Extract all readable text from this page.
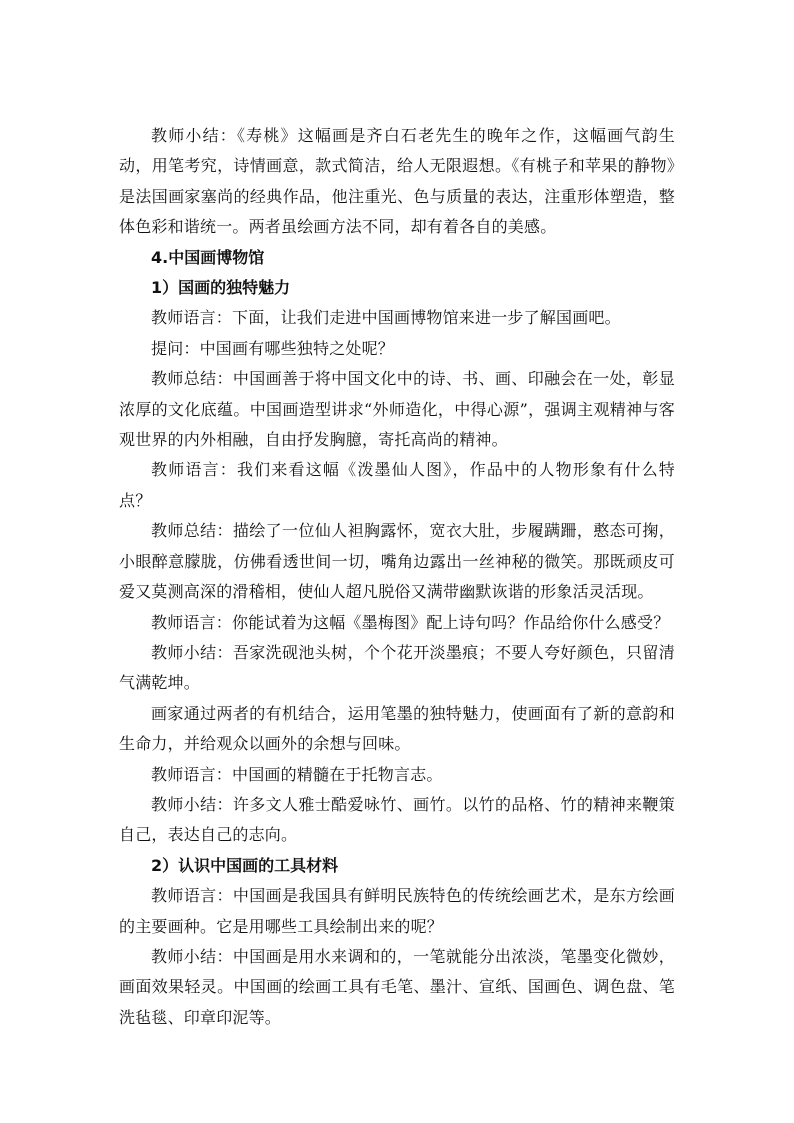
教师小结：《寿桃》这幅画是齐白石老先生的晚年之作，这幅画气韵生动，用笔考究，诗情画意，款式简洁，给人无限遐想。《有桃子和苹果的静物》是法国画家塞尚的经典作品，他注重光、色与质量的表达，注重形体塑造，整体色彩和谐统一。两者虽绘画方法不同，却有着各自的美感。

4.中国画博物馆

1）国画的独特魅力

教师语言：下面，让我们走进中国画博物馆来进一步了解国画吧。

提问：中国画有哪些独特之处呢？

教师总结：中国画善于将中国文化中的诗、书、画、印融会在一处，彰显浓厚的文化底蕴。中国画造型讲求“外师造化，中得心源”，强调主观精神与客观世界的内外相融，自由抒发胸臆，寄托高尚的精神。

教师语言：我们来看这幅《泼墨仙人图》，作品中的人物形象有什么特点？

教师总结：描绘了一位仙人袒胸露怀，宽衣大肚，步履蹒跚，憨态可掬，小眼醉意朦胧，仿佛看透世间一切，嘴角边露出一丝神秘的微笑。那既顽皮可爱又莫测高深的滑稽相，使仙人超凡脱俗又满带幽默诙谐的形象活灵活现。

教师语言：你能试着为这幅《墨梅图》配上诗句吗？作品给你什么感受？

教师小结：吾家洗砚池头树，个个花开淡墨痕；不要人夸好颜色，只留清气满乾坤。

画家通过两者的有机结合，运用笔墨的独特魅力，使画面有了新的意韵和生命力，并给观众以画外的余想与回味。

教师语言：中国画的精髓在于托物言志。

教师小结：许多文人雅士酷爱咏竹、画竹。以竹的品格、竹的精神来鞭策自己，表达自己的志向。

2）认识中国画的工具材料

教师语言：中国画是我国具有鲜明民族特色的传统绘画艺术，是东方绘画的主要画种。它是用哪些工具绘制出来的呢？

教师小结：中国画是用水来调和的，一笔就能分出浓淡，笔墨变化微妙，画面效果轻灵。中国画的绘画工具有毛笔、墨汁、宣纸、国画色、调色盘、笔洗毡毯、印章印泥等。
